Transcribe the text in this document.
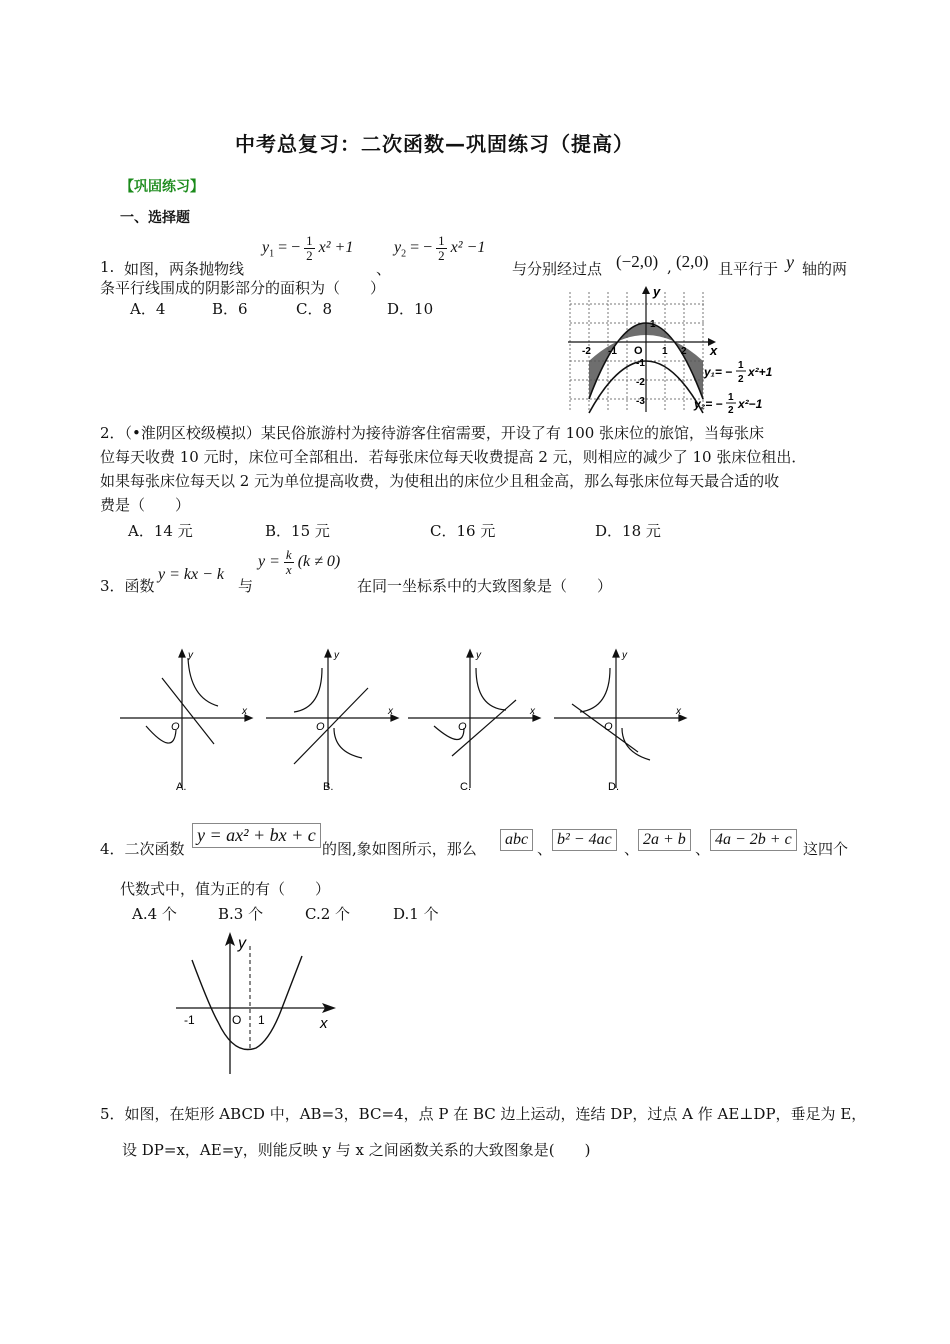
中考总复习：二次函数—巩固练习（提高）
【巩固练习】
一、选择题
1. 如图，两条抛物线
$y_1$ = − $\frac{1}{2} x^2 +1$
、
$y_2$ = − $\frac{1}{2} x^2 -1$
与分别经过点 (−2,0) , (2,0) 且平行于 y 轴的两
条平行线围成的阴影部分的面积为（　　）
A．4	B．6	C．8	D．10
y
x
O
-2 -1	1 2
1
-1
-2
-3
y₁= − 1
2
x²+1
y₂= − 1
2 x²−1
2．（•淮阴区校级模拟）某民俗旅游村为接待游客住宿需要，开设了有 100 张床位的旅馆，当每张床
位每天收费 10 元时，床位可全部租出．若每张床位每天收费提高 2 元，则相应的减少了 10 张床位租出．
如果每张床位每天以 2 元为单位提高收费，为使租出的床位少且租金高，那么每张床位每天最合适的收
费是（　　）
A．14 元	B．15 元	C．16 元	D．18 元
3．函数
y = kx − k
与
$y = \frac{k}{x} (k \ne 0)$
在同一坐标系中的大致图象是（　　）
y
x
O
A.
y
x
O
B.
y
x
O
C.
y
x
O
D.
4．二次函数
y = ax² + bx + c
的图,象如图所示，那么
abc
、
b² − 4ac
、
2a + b
、
4a − 2b + c
这四个
代数式中，值为正的有（　　）
A.4 个	B.3 个	C.2 个	D.1 个
y
x
-1	O 1
5．如图，在矩形 ABCD 中，AB=3，BC=4，点 P 在 BC 边上运动，连结 DP，过点 A 作 AE⊥DP，垂足为 E，
设 DP=x，AE=y，则能反映 y 与 x 之间函数关系的大致图象是(　　)
